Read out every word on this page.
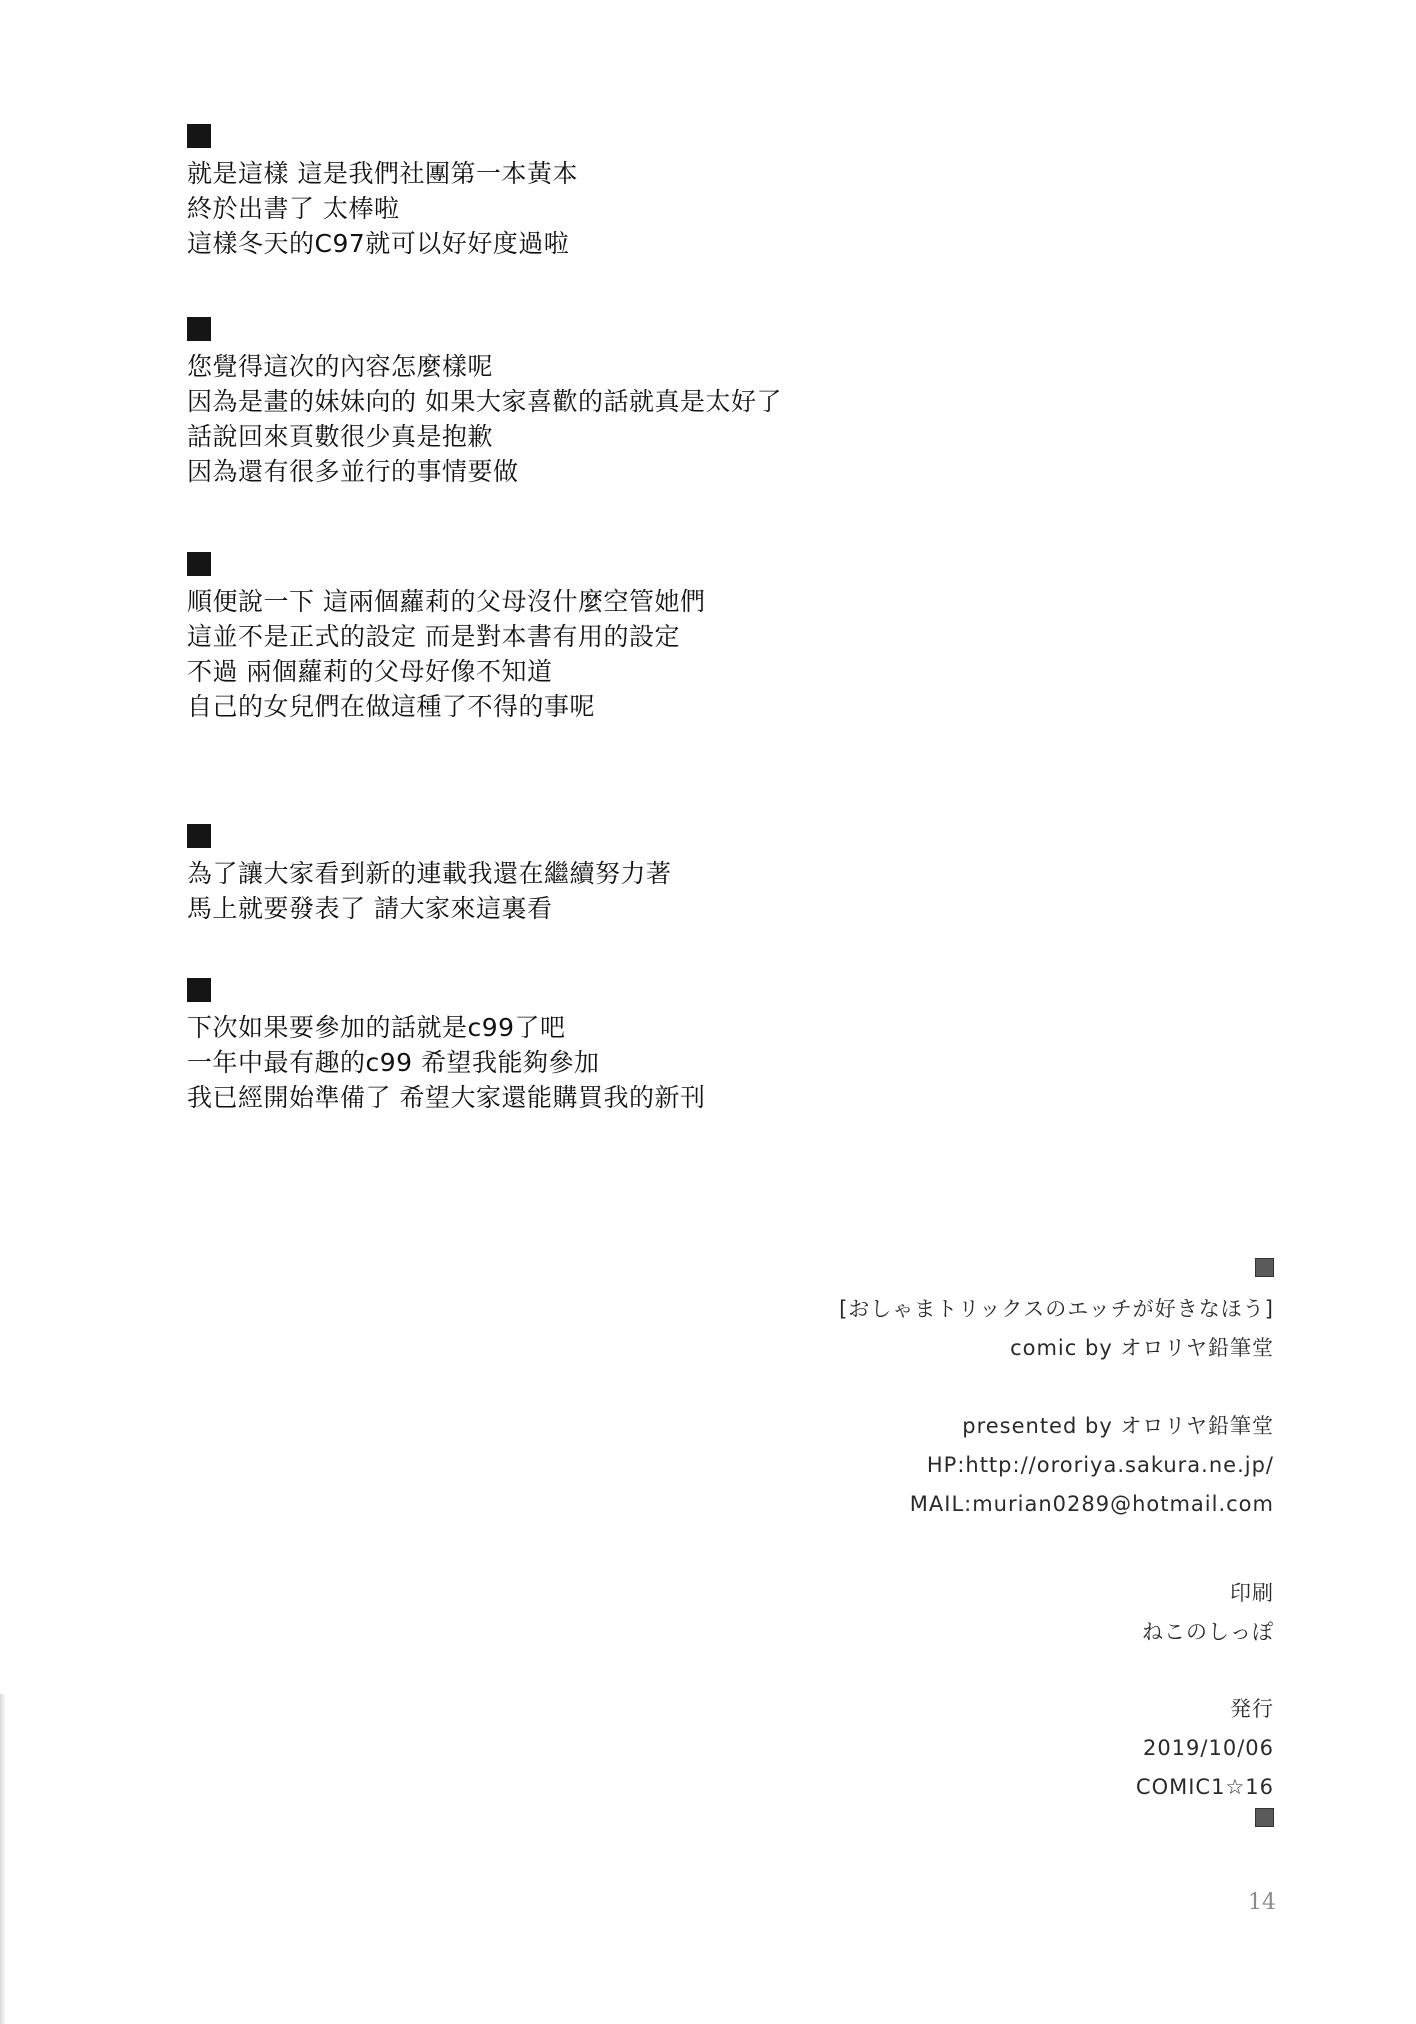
就是這樣 這是我們社團第一本黃本
終於出書了 太棒啦
這樣冬天的C97就可以好好度過啦
您覺得這次的內容怎麼樣呢
因為是畫的妹妹向的 如果大家喜歡的話就真是太好了
話說回來頁數很少真是抱歉
因為還有很多並行的事情要做
順便說一下 這兩個蘿莉的父母沒什麼空管她們
這並不是正式的設定 而是對本書有用的設定
不過 兩個蘿莉的父母好像不知道
自己的女兒們在做這種了不得的事呢
為了讓大家看到新的連載我還在繼續努力著
馬上就要發表了 請大家來這裏看
下次如果要參加的話就是c99了吧
一年中最有趣的c99 希望我能夠參加
我已經開始準備了 希望大家還能購買我的新刊
[おしゃまトリックスのエッチが好きなほう]
comic by オロリヤ鉛筆堂
presented by オロリヤ鉛筆堂
HP:http://ororiya.sakura.ne.jp/
MAIL:murian0289@hotmail.com
印刷
ねこのしっぽ
発行
2019/10/06
COMIC1☆16
14
